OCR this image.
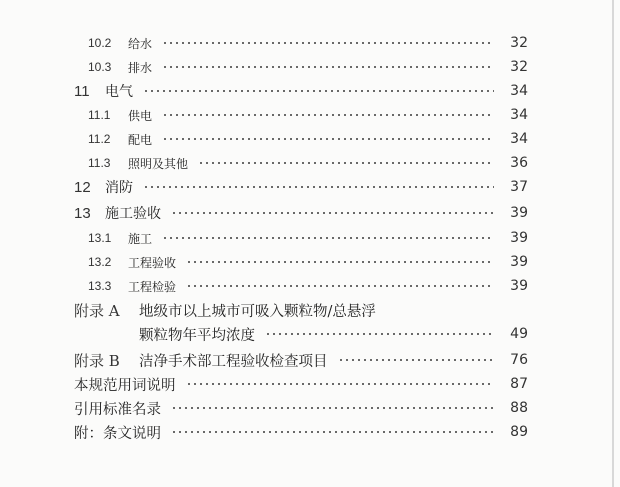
10.2	给水	32
10.3	排水	32
11	电气	34
11.1	供电	34
11.2	配电	34
11.3	照明及其他	36
12	消防	37
13	施工验收	39
13.1	施工	39
13.2	工程验收	39
13.3	工程检验	39
附录 A	地级市以上城市可吸入颗粒物/总悬浮
颗粒物年平均浓度	49
附录 B	洁净手术部工程验收检查项目	76
本规范用词说明	87
引用标准名录	88
附：条文说明	89
